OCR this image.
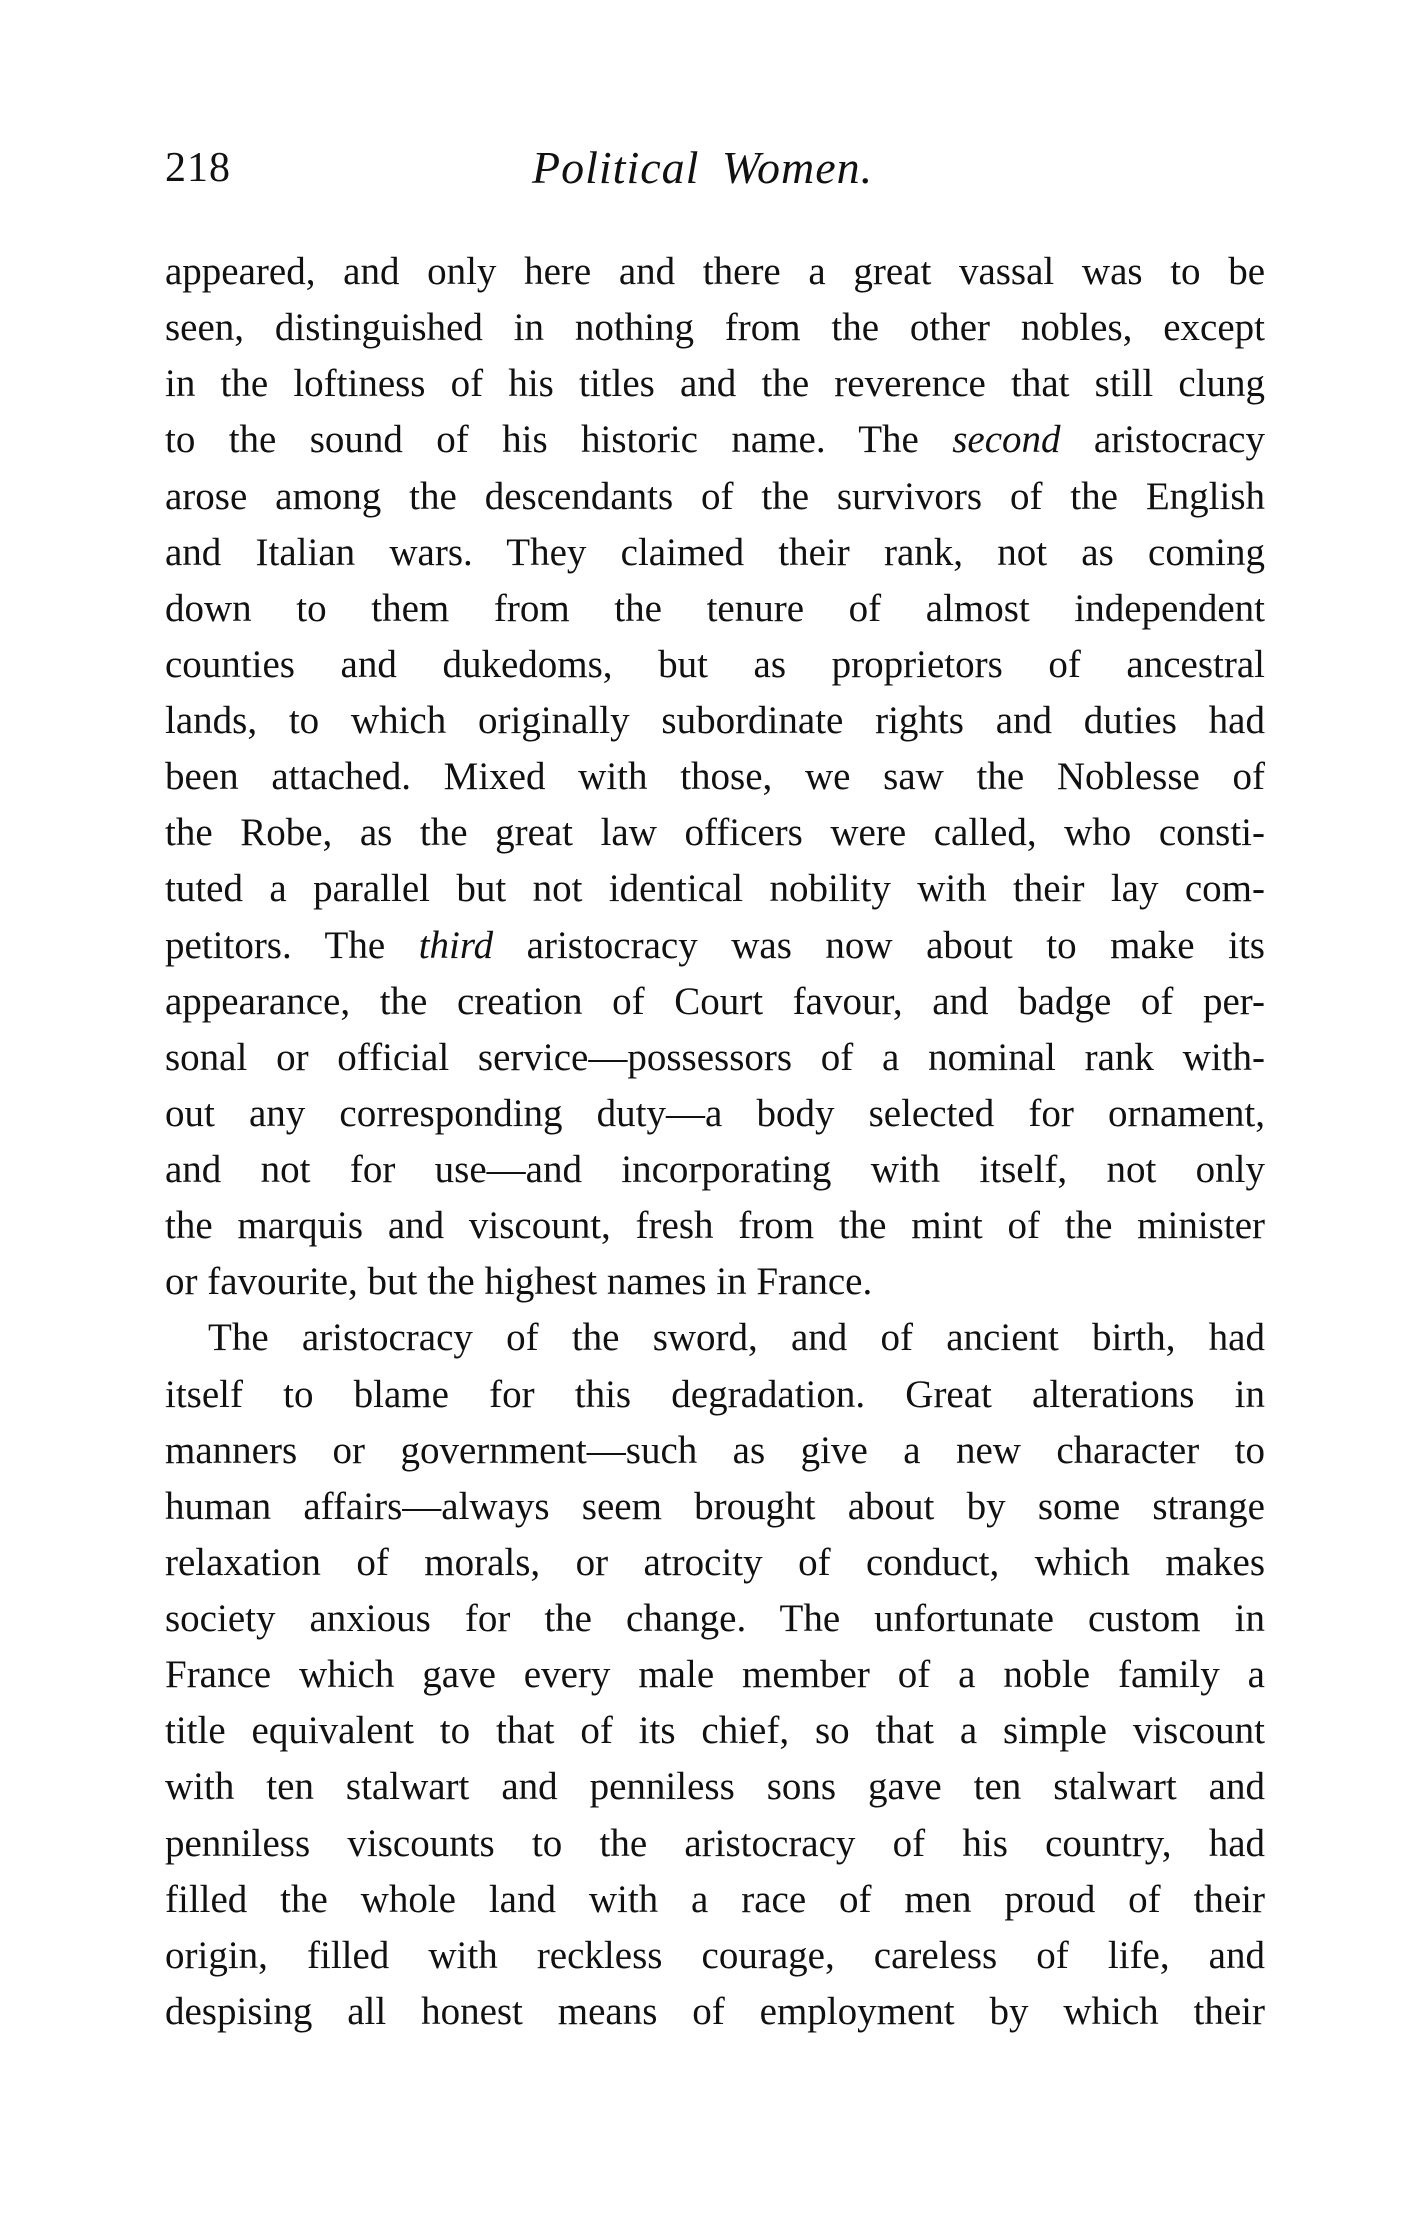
218	Political Women.
appeared, and only here and there a great vassal was to be
seen, distinguished in nothing from the other nobles, except
in the loftiness of his titles and the reverence that still clung
to the sound of his historic name. The second aristocracy
arose among the descendants of the survivors of the English
and Italian wars. They claimed their rank, not as coming
down to them from the tenure of almost independent
counties and dukedoms, but as proprietors of ancestral
lands, to which originally subordinate rights and duties had
been attached. Mixed with those, we saw the Noblesse of
the Robe, as the great law officers were called, who consti-
tuted a parallel but not identical nobility with their lay com-
petitors. The third aristocracy was now about to make its
appearance, the creation of Court favour, and badge of per-
sonal or official service—possessors of a nominal rank with-
out any corresponding duty—a body selected for ornament,
and not for use—and incorporating with itself, not only
the marquis and viscount, fresh from the mint of the minister
or favourite, but the highest names in France.
The aristocracy of the sword, and of ancient birth, had
itself to blame for this degradation. Great alterations in
manners or government—such as give a new character to
human affairs—always seem brought about by some strange
relaxation of morals, or atrocity of conduct, which makes
society anxious for the change. The unfortunate custom in
France which gave every male member of a noble family a
title equivalent to that of its chief, so that a simple viscount
with ten stalwart and penniless sons gave ten stalwart and
penniless viscounts to the aristocracy of his country, had
filled the whole land with a race of men proud of their
origin, filled with reckless courage, careless of life, and
despising all honest means of employment by which their
